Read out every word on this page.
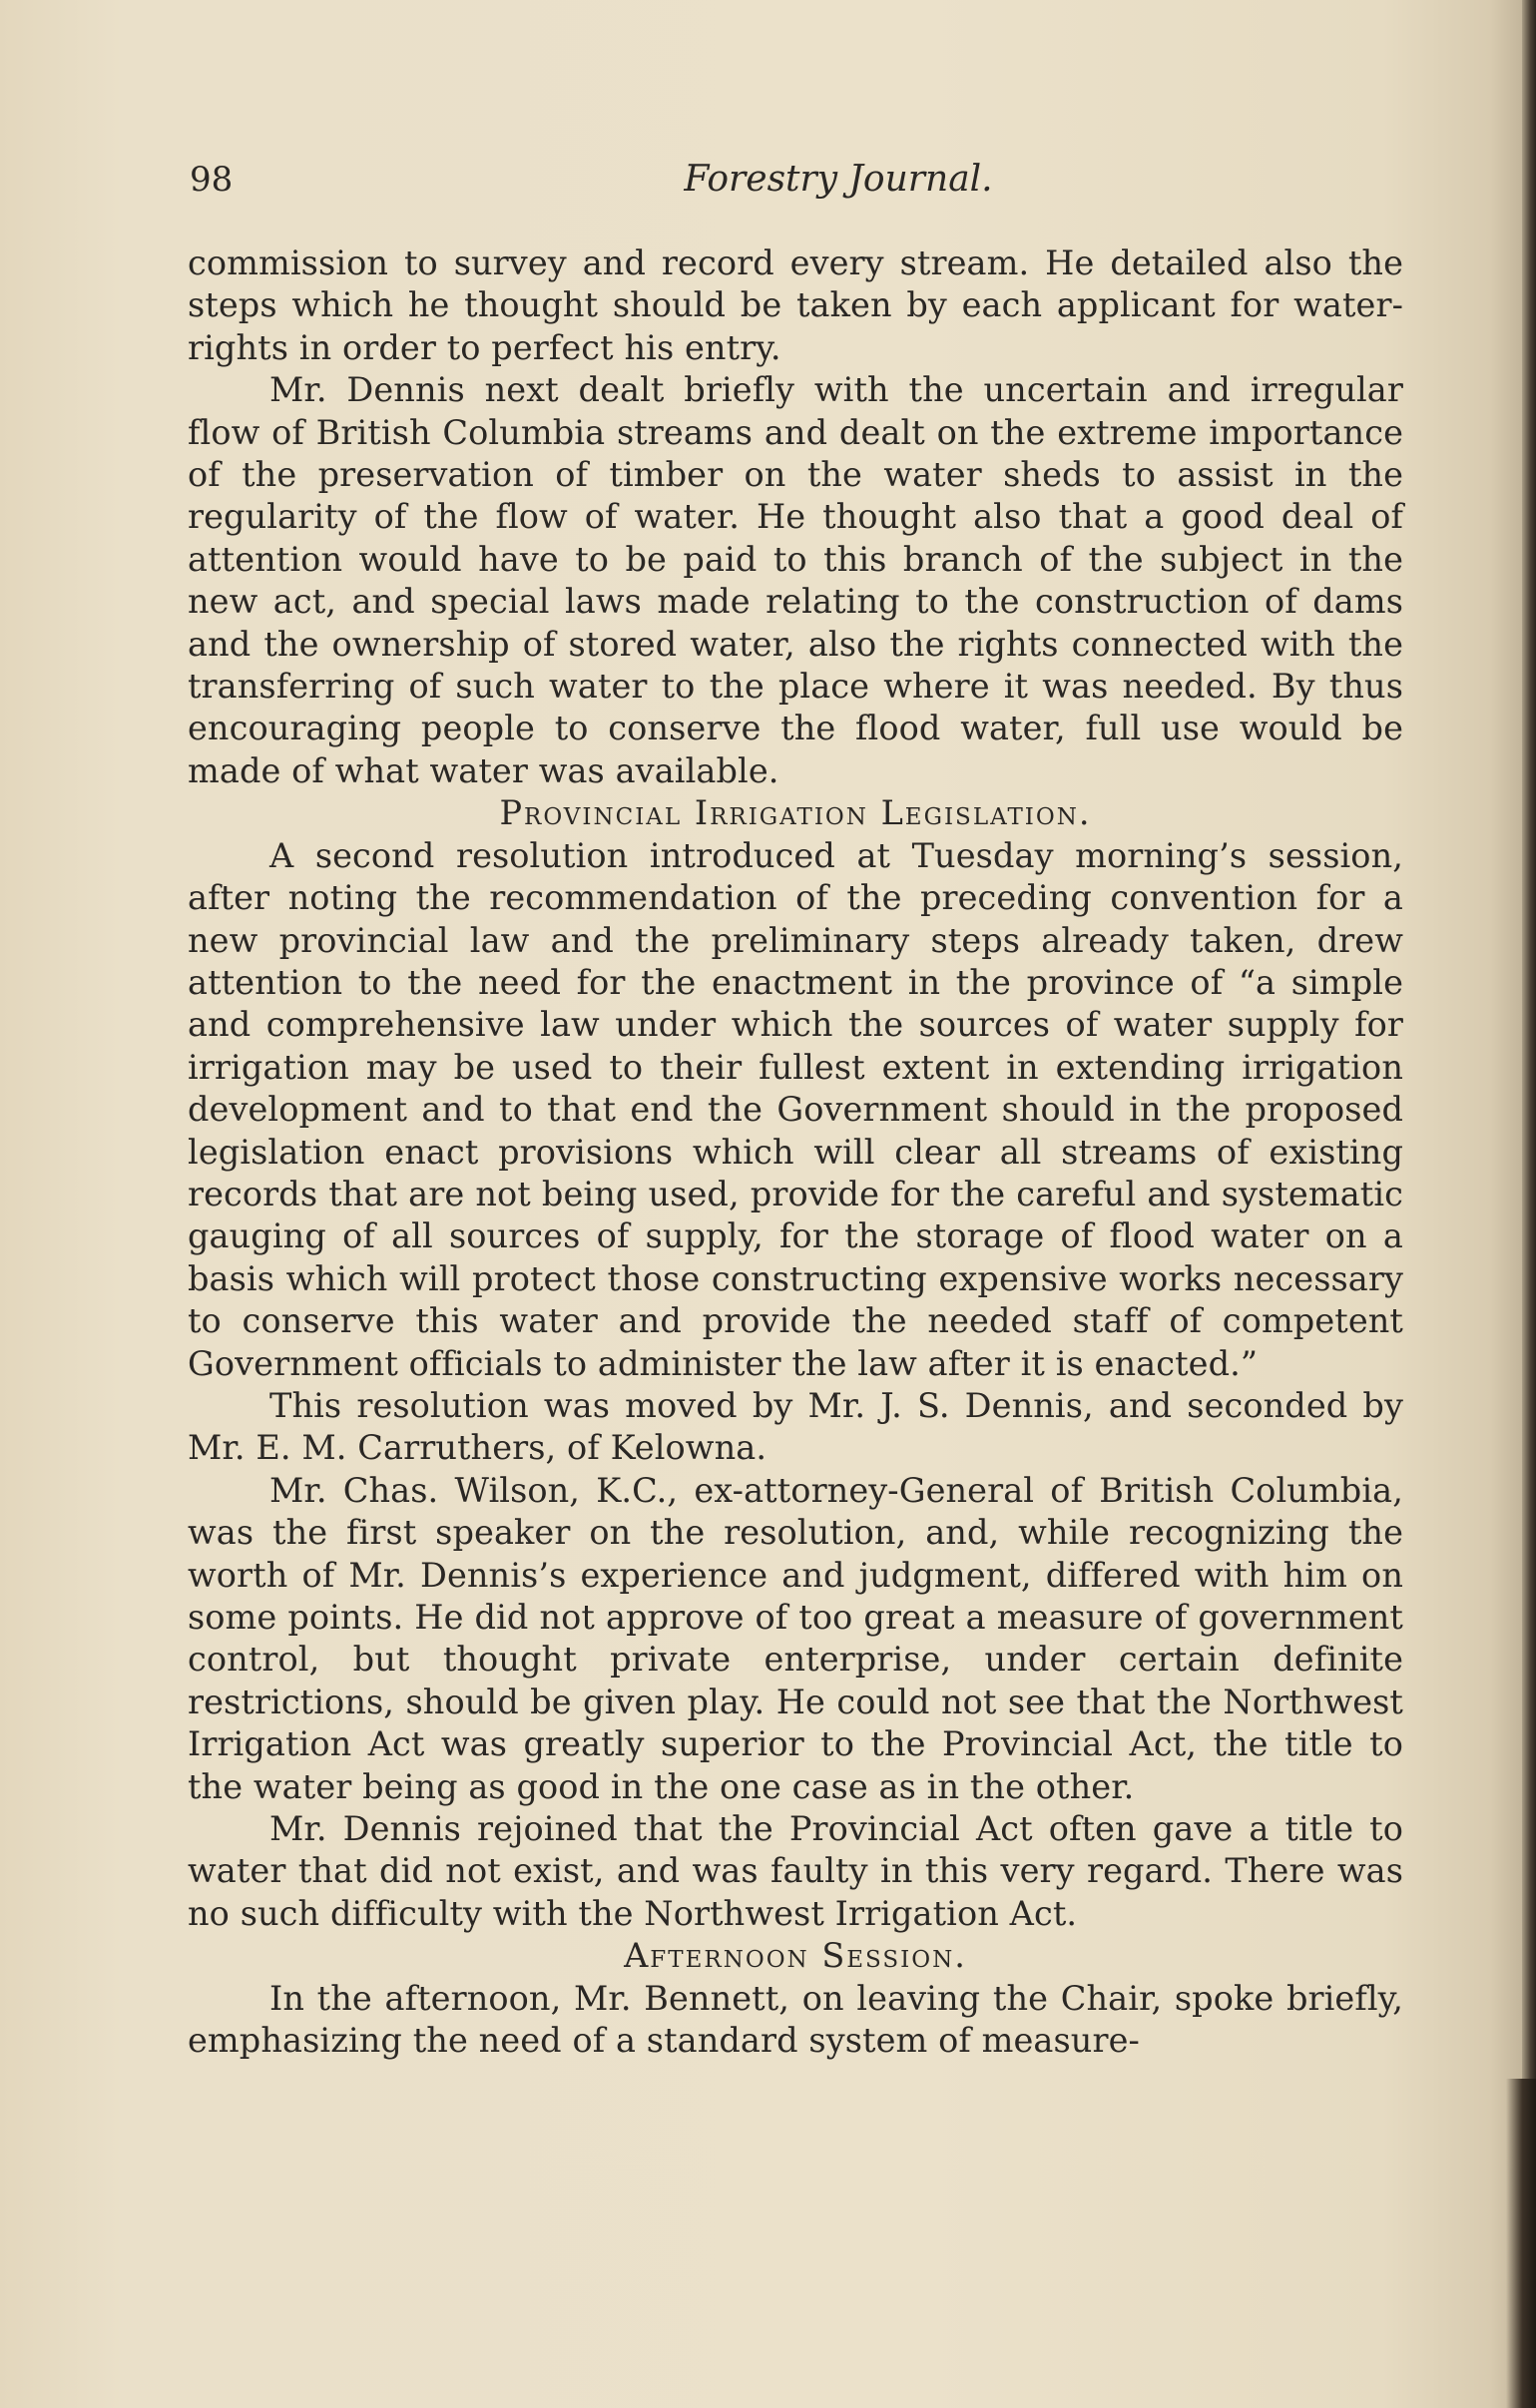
98	Forestry Journal.

commission to survey and record every stream. He detailed also the steps which he thought should be taken by each applicant for water-rights in order to perfect his entry.

Mr. Dennis next dealt briefly with the uncertain and irregular flow of British Columbia streams and dealt on the extreme importance of the preservation of timber on the water sheds to assist in the regularity of the flow of water. He thought also that a good deal of attention would have to be paid to this branch of the subject in the new act, and special laws made relating to the construction of dams and the ownership of stored water, also the rights connected with the transferring of such water to the place where it was needed. By thus encouraging people to conserve the flood water, full use would be made of what water was available.

Provincial Irrigation Legislation.

A second resolution introduced at Tuesday morning’s session, after noting the recommendation of the preceding convention for a new provincial law and the preliminary steps already taken, drew attention to the need for the enactment in the province of “a simple and comprehensive law under which the sources of water supply for irrigation may be used to their fullest extent in extending irrigation development and to that end the Government should in the proposed legislation enact provisions which will clear all streams of existing records that are not being used, provide for the careful and systematic gauging of all sources of supply, for the storage of flood water on a basis which will protect those constructing expensive works necessary to conserve this water and provide the needed staff of competent Government officials to administer the law after it is enacted.”

This resolution was moved by Mr. J. S. Dennis, and seconded by Mr. E. M. Carruthers, of Kelowna.

Mr. Chas. Wilson, K.C., ex-attorney-General of British Columbia, was the first speaker on the resolution, and, while recognizing the worth of Mr. Dennis’s experience and judgment, differed with him on some points. He did not approve of too great a measure of government control, but thought private enterprise, under certain definite restrictions, should be given play. He could not see that the Northwest Irrigation Act was greatly superior to the Provincial Act, the title to the water being as good in the one case as in the other.

Mr. Dennis rejoined that the Provincial Act often gave a title to water that did not exist, and was faulty in this very regard. There was no such difficulty with the Northwest Irrigation Act.

Afternoon Session.

In the afternoon, Mr. Bennett, on leaving the Chair, spoke briefly, emphasizing the need of a standard system of measure-
